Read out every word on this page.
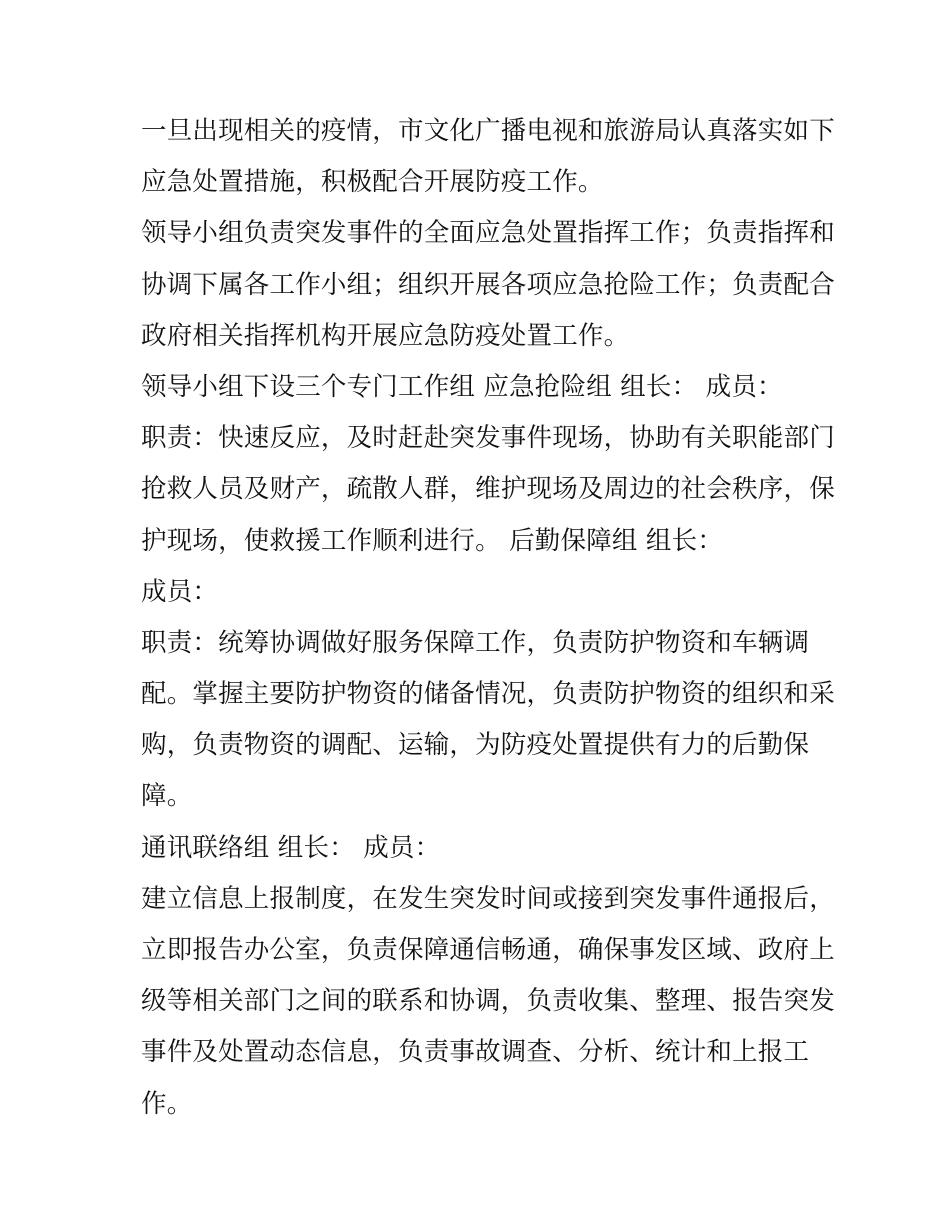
一旦出现相关的疫情，市文化广播电视和旅游局认真落实如下
应急处置措施，积极配合开展防疫工作。
领导小组负责突发事件的全面应急处置指挥工作；负责指挥和
协调下属各工作小组；组织开展各项应急抢险工作；负责配合
政府相关指挥机构开展应急防疫处置工作。
领导小组下设三个专门工作组 应急抢险组 组长： 成员：
职责：快速反应，及时赶赴突发事件现场，协助有关职能部门
抢救人员及财产，疏散人群，维护现场及周边的社会秩序，保
护现场，使救援工作顺利进行。 后勤保障组 组长：
成员：
职责：统筹协调做好服务保障工作，负责防护物资和车辆调
配。掌握主要防护物资的储备情况，负责防护物资的组织和采
购，负责物资的调配、运输，为防疫处置提供有力的后勤保
障。
通讯联络组 组长： 成员：
建立信息上报制度，在发生突发时间或接到突发事件通报后，
立即报告办公室，负责保障通信畅通，确保事发区域、政府上
级等相关部门之间的联系和协调，负责收集、整理、报告突发
事件及处置动态信息，负责事故调查、分析、统计和上报工
作。
